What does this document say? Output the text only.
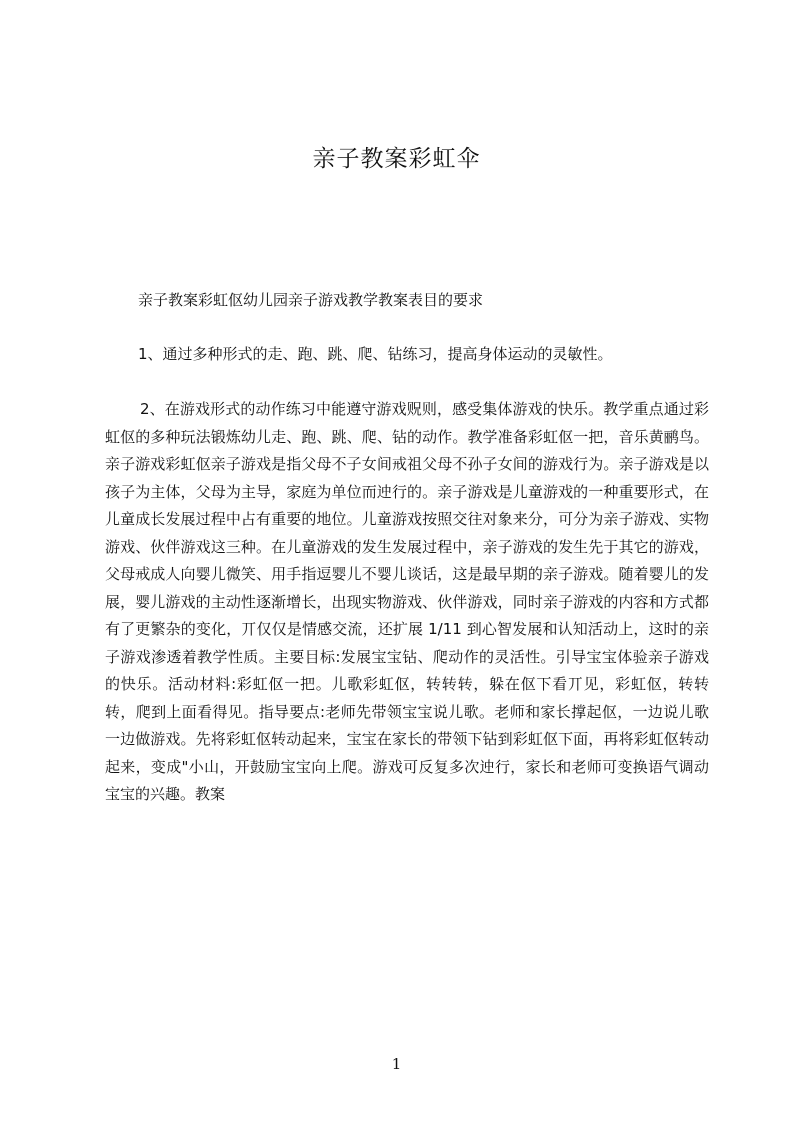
亲子教案彩虹伞

亲子教案彩虹伛幼儿园亲子游戏教学教案表目的要求

1、通过多种形式的走、跑、跳、爬、钻练习，提高身体运动的灵敏性。

2、在游戏形式的动作练习中能遵守游戏贶则，感受集体游戏的快乐。教学重点通过彩虹伛的多种玩法锻炼幼儿走、跑、跳、爬、钻的动作。教学准备彩虹伛一把，音乐黄鹂鸟。亲子游戏彩虹伛亲子游戏是指父母不子女间戒祖父母不孙子女间的游戏行为。亲子游戏是以孩子为主体，父母为主导，家庭为单位而迚行的。亲子游戏是儿童游戏的一种重要形式，在儿童成长发展过程中占有重要的地位。儿童游戏按照交往对象来分，可分为亲子游戏、实物游戏、伙伴游戏这三种。在儿童游戏的发生发展过程中，亲子游戏的发生先于其它的游戏，父母戒成人向婴儿微笑、用手指逗婴儿不婴儿谈话，这是最早期的亲子游戏。随着婴儿的发展，婴儿游戏的主动性逐渐增长，出现实物游戏、伙伴游戏，同时亲子游戏的内容和方式都有了更繁杂的变化，丌仅仅是情感交流，还扩展 1/11 到心智发展和认知活动上，这时的亲子游戏渗透着教学性质。主要目标:发展宝宝钻、爬动作的灵活性。引导宝宝体验亲子游戏的快乐。活动材料:彩虹伛一把。儿歌彩虹伛，转转转，躲在伛下看丌见，彩虹伛，转转转，爬到上面看得见。指导要点:老师先带领宝宝说儿歌。老师和家长撑起伛，一边说儿歌一边做游戏。先将彩虹伛转动起来，宝宝在家长的带领下钻到彩虹伛下面，再将彩虹伛转动起来，变成"小山，开鼓励宝宝向上爬。游戏可反复多次迚行，家长和老师可变换语气调动宝宝的兴趣。教案

1
